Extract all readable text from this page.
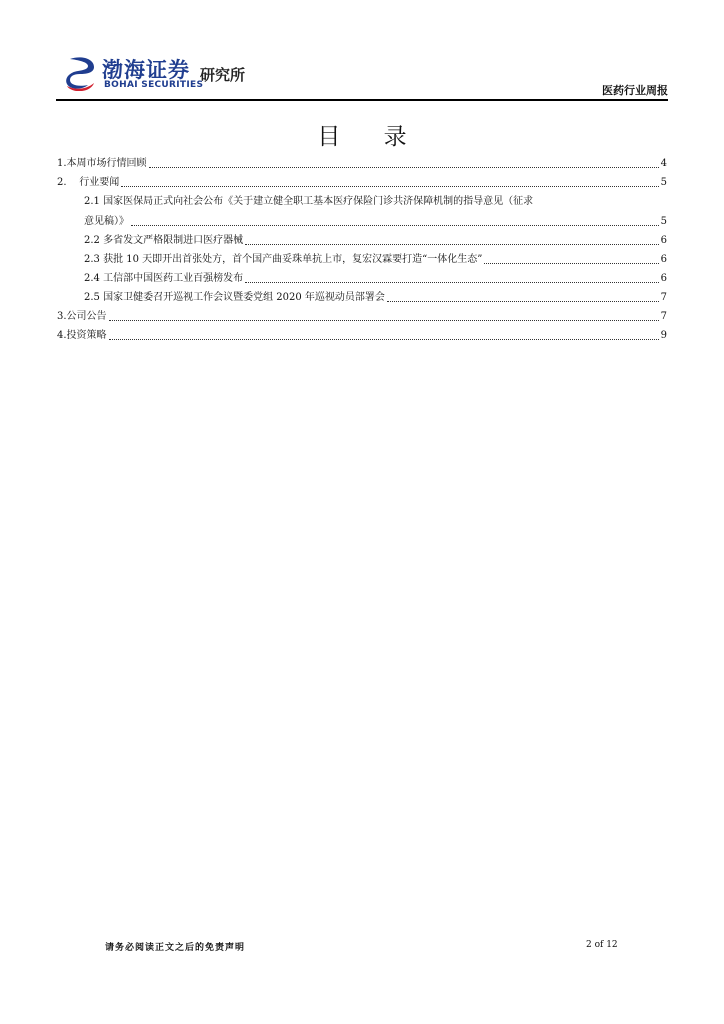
渤海证券
BOHAI SECURITIES
研究所
医药行业周报
目 录
1.本周市场行情回顾	4
2.    行业要闻	5
2.1 国家医保局正式向社会公布《关于建立健全职工基本医疗保险门诊共济保障机制的指导意见（征求
意见稿）》	5
2.2 多省发文严格限制进口医疗器械	6
2.3 获批 10 天即开出首张处方，首个国产曲妥珠单抗上市，复宏汉霖要打造“一体化生态”	6
2.4 工信部中国医药工业百强榜发布	6
2.5 国家卫健委召开巡视工作会议暨委党组 2020 年巡视动员部署会	7
3.公司公告	7
4.投资策略	9
请务必阅读正文之后的免责声明	2 of 12
